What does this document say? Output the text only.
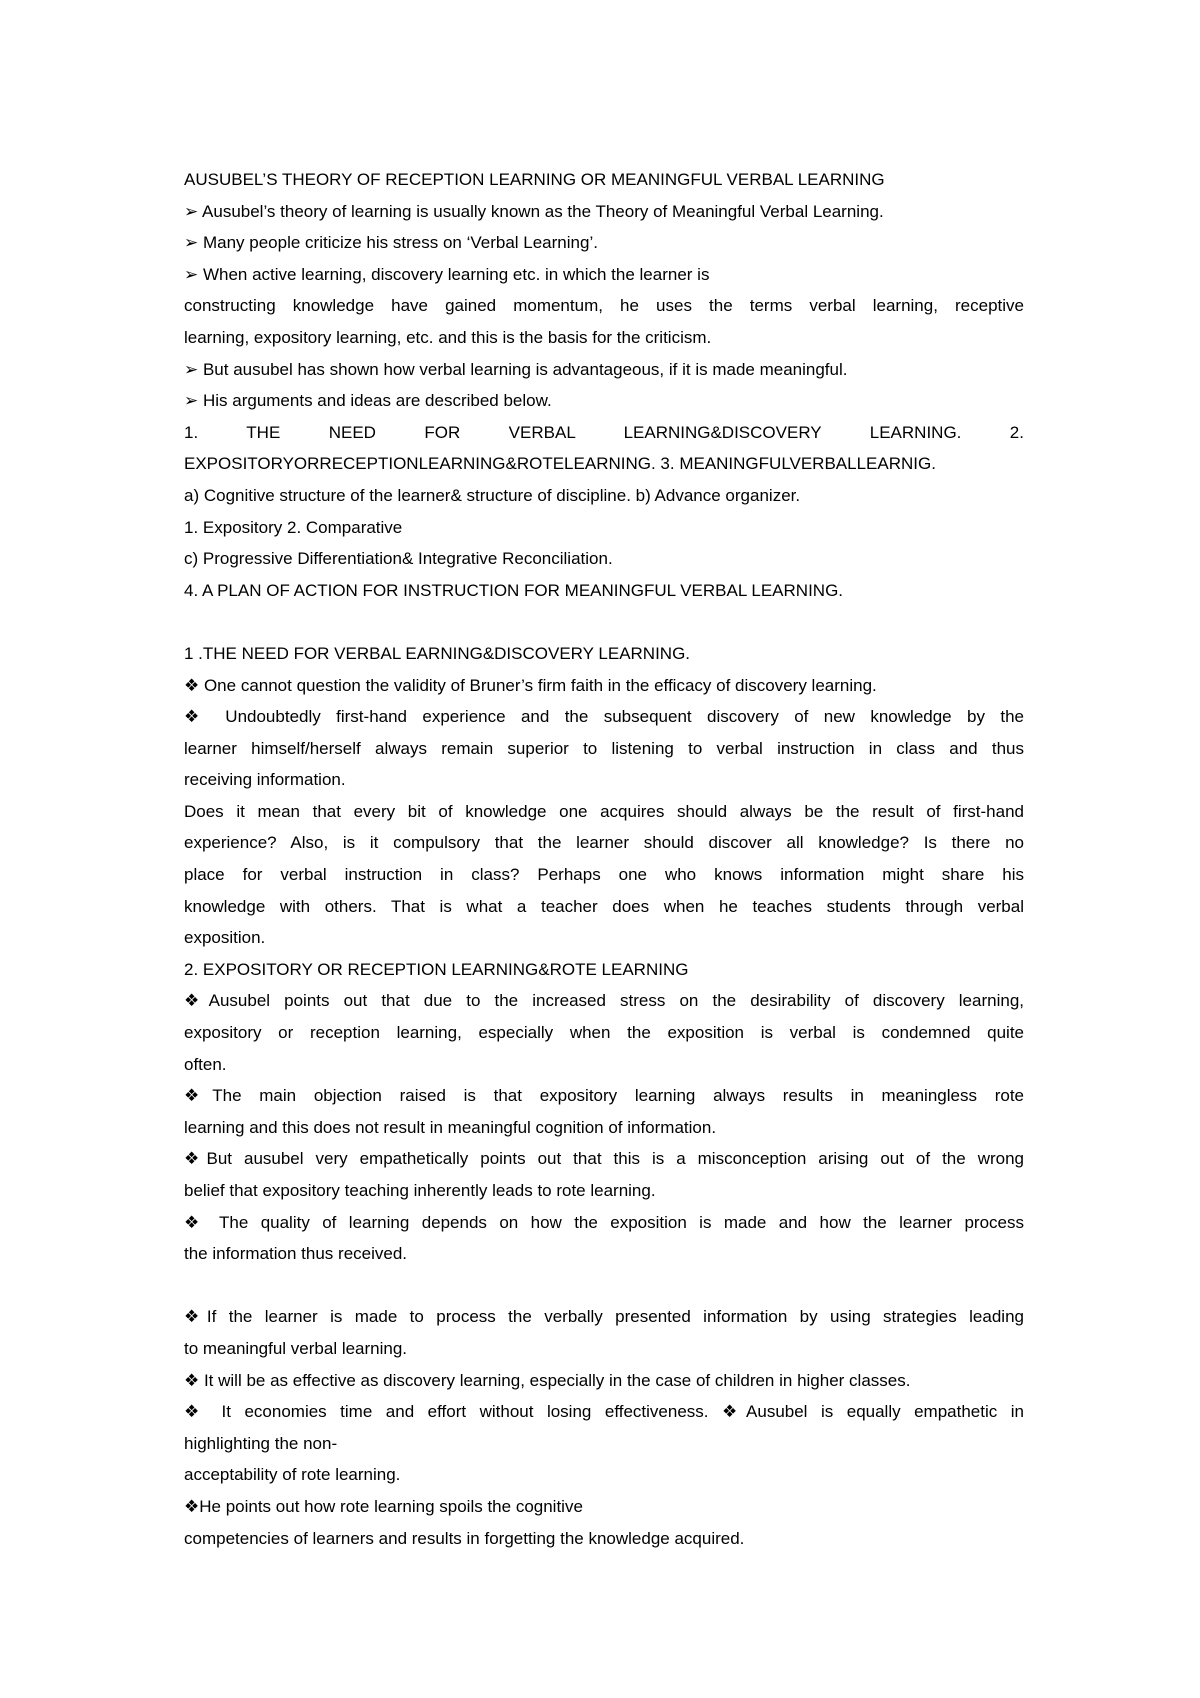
AUSUBEL’S THEORY OF RECEPTION LEARNING OR MEANINGFUL VERBAL LEARNING
➢ Ausubel’s theory of learning is usually known as the Theory of Meaningful Verbal Learning.
➢ Many people criticize his stress on ‘Verbal Learning’.
➢ When active learning, discovery learning etc. in which the learner is
constructing knowledge have gained momentum, he uses the terms verbal learning, receptive
learning, expository learning, etc. and this is the basis for the criticism.
➢ But ausubel has shown how verbal learning is advantageous, if it is made meaningful.
➢ His arguments and ideas are described below.
1. THE NEED FOR VERBAL LEARNING&DISCOVERY LEARNING. 2.
EXPOSITORYORRECEPTIONLEARNING&ROTELEARNING. 3. MEANINGFULVERBALLEARNIG.
a) Cognitive structure of the learner& structure of discipline. b) Advance organizer.
1. Expository 2. Comparative
c) Progressive Differentiation& Integrative Reconciliation.
4. A PLAN OF ACTION FOR INSTRUCTION FOR MEANINGFUL VERBAL LEARNING.
1 .THE NEED FOR VERBAL EARNING&DISCOVERY LEARNING.
❖ One cannot question the validity of Bruner’s firm faith in the efficacy of discovery learning.
❖ Undoubtedly first-hand experience and the subsequent discovery of new knowledge by the
learner himself/herself always remain superior to listening to verbal instruction in class and thus
receiving information.
Does it mean that every bit of knowledge one acquires should always be the result of first-hand
experience? Also, is it compulsory that the learner should discover all knowledge? Is there no
place for verbal instruction in class? Perhaps one who knows information might share his
knowledge with others. That is what a teacher does when he teaches students through verbal
exposition.
2. EXPOSITORY OR RECEPTION LEARNING&ROTE LEARNING
❖Ausubel points out that due to the increased stress on the desirability of discovery learning,
expository or reception learning, especially when the exposition is verbal is condemned quite
often.
❖The main objection raised is that expository learning always results in meaningless rote
learning and this does not result in meaningful cognition of information.
❖But ausubel very empathetically points out that this is a misconception arising out of the wrong
belief that expository teaching inherently leads to rote learning.
❖ The quality of learning depends on how the exposition is made and how the learner process
the information thus received.
❖If the learner is made to process the verbally presented information by using strategies leading
to meaningful verbal learning.
❖ It will be as effective as discovery learning, especially in the case of children in higher classes.
❖ It economies time and effort without losing effectiveness. ❖Ausubel is equally empathetic in
highlighting the non-
acceptability of rote learning.
❖He points out how rote learning spoils the cognitive
competencies of learners and results in forgetting the knowledge acquired.
